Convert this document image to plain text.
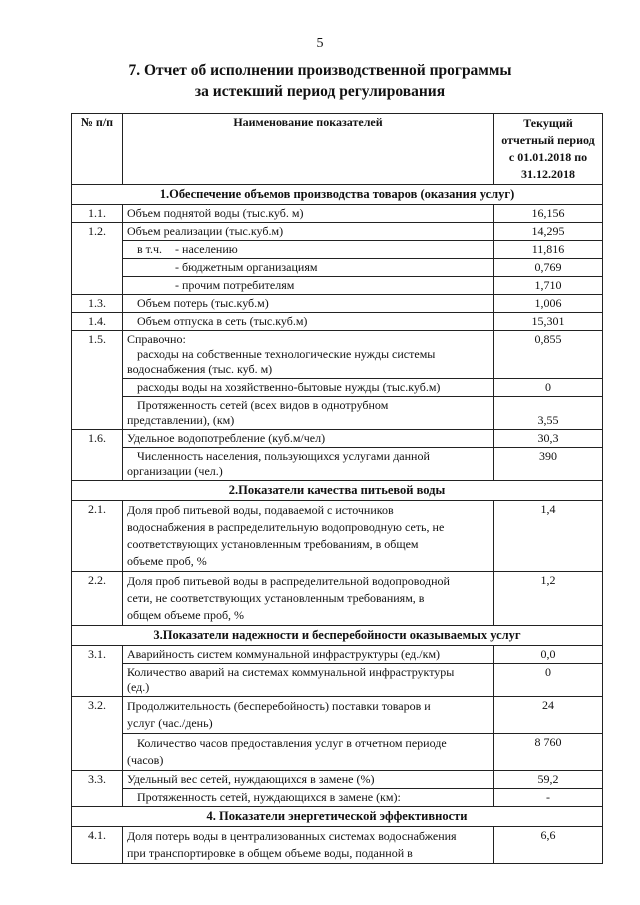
5
7. Отчет об исполнении производственной программы
за истекший период регулирования
№ п/п	Наименование показателей	Текущий
отчетный период
с 01.01.2018 по
31.12.2018

1.Обеспечение объемов производства товаров (оказания услуг)		
1.1.	Объем поднятой воды (тыс.куб. м)	16,156
1.2.	Объем реализации (тыс.куб.м)	14,295
	в т.ч. - населению	11,816
	- бюджетным организациям	0,769
	- прочим потребителям	1,710
1.3.	Объем потерь (тыс.куб.м)	1,006
1.4.	Объем отпуска в сеть (тыс.куб.м)	15,301
1.5.	Справочно:
расходы на собственные технологические нужды системы
водоснабжения (тыс. куб. м)	0,855
	расходы воды на хозяйственно-бытовые нужды (тыс.куб.м)	0

	Протяженность сетей (всех видов в однотрубном
представлении), (км)	3,55
1.6.	Удельное водопотребление (куб.м/чел)	30,3

	Численность населения, пользующихся услугами данной
организации (чел.)	390
2.Показатели качества питьевой воды		
2.1.	Доля проб питьевой воды, подаваемой с источников
водоснабжения в распределительную водопроводную сеть, не
соответствующих установленным требованиям, в общем
объеме проб, %	1,4
2.2.	Доля проб питьевой воды в распределительной водопроводной
сети, не соответствующих установленным требованиям, в
общем объеме проб, %	1,2
3.Показатели надежности и бесперебойности оказываемых услуг		
3.1.	Аварийность систем коммунальной инфраструктуры (ед./км)	0,0

	Количество аварий на системах коммунальной инфраструктуры
(ед.)	0
3.2.	Продолжительность (бесперебойность) поставки товаров и
услуг (час./день)	24

	Количество часов предоставления услуг в отчетном периоде
(часов)	8 760
3.3.	Удельный вес сетей, нуждающихся в замене (%)	59,2
	Протяженность сетей, нуждающихся в замене (км):	-
4. Показатели энергетической эффективности		
4.1.	Доля потерь воды в централизованных системах водоснабжения
при транспортировке в общем объеме воды, поданной в	6,6
